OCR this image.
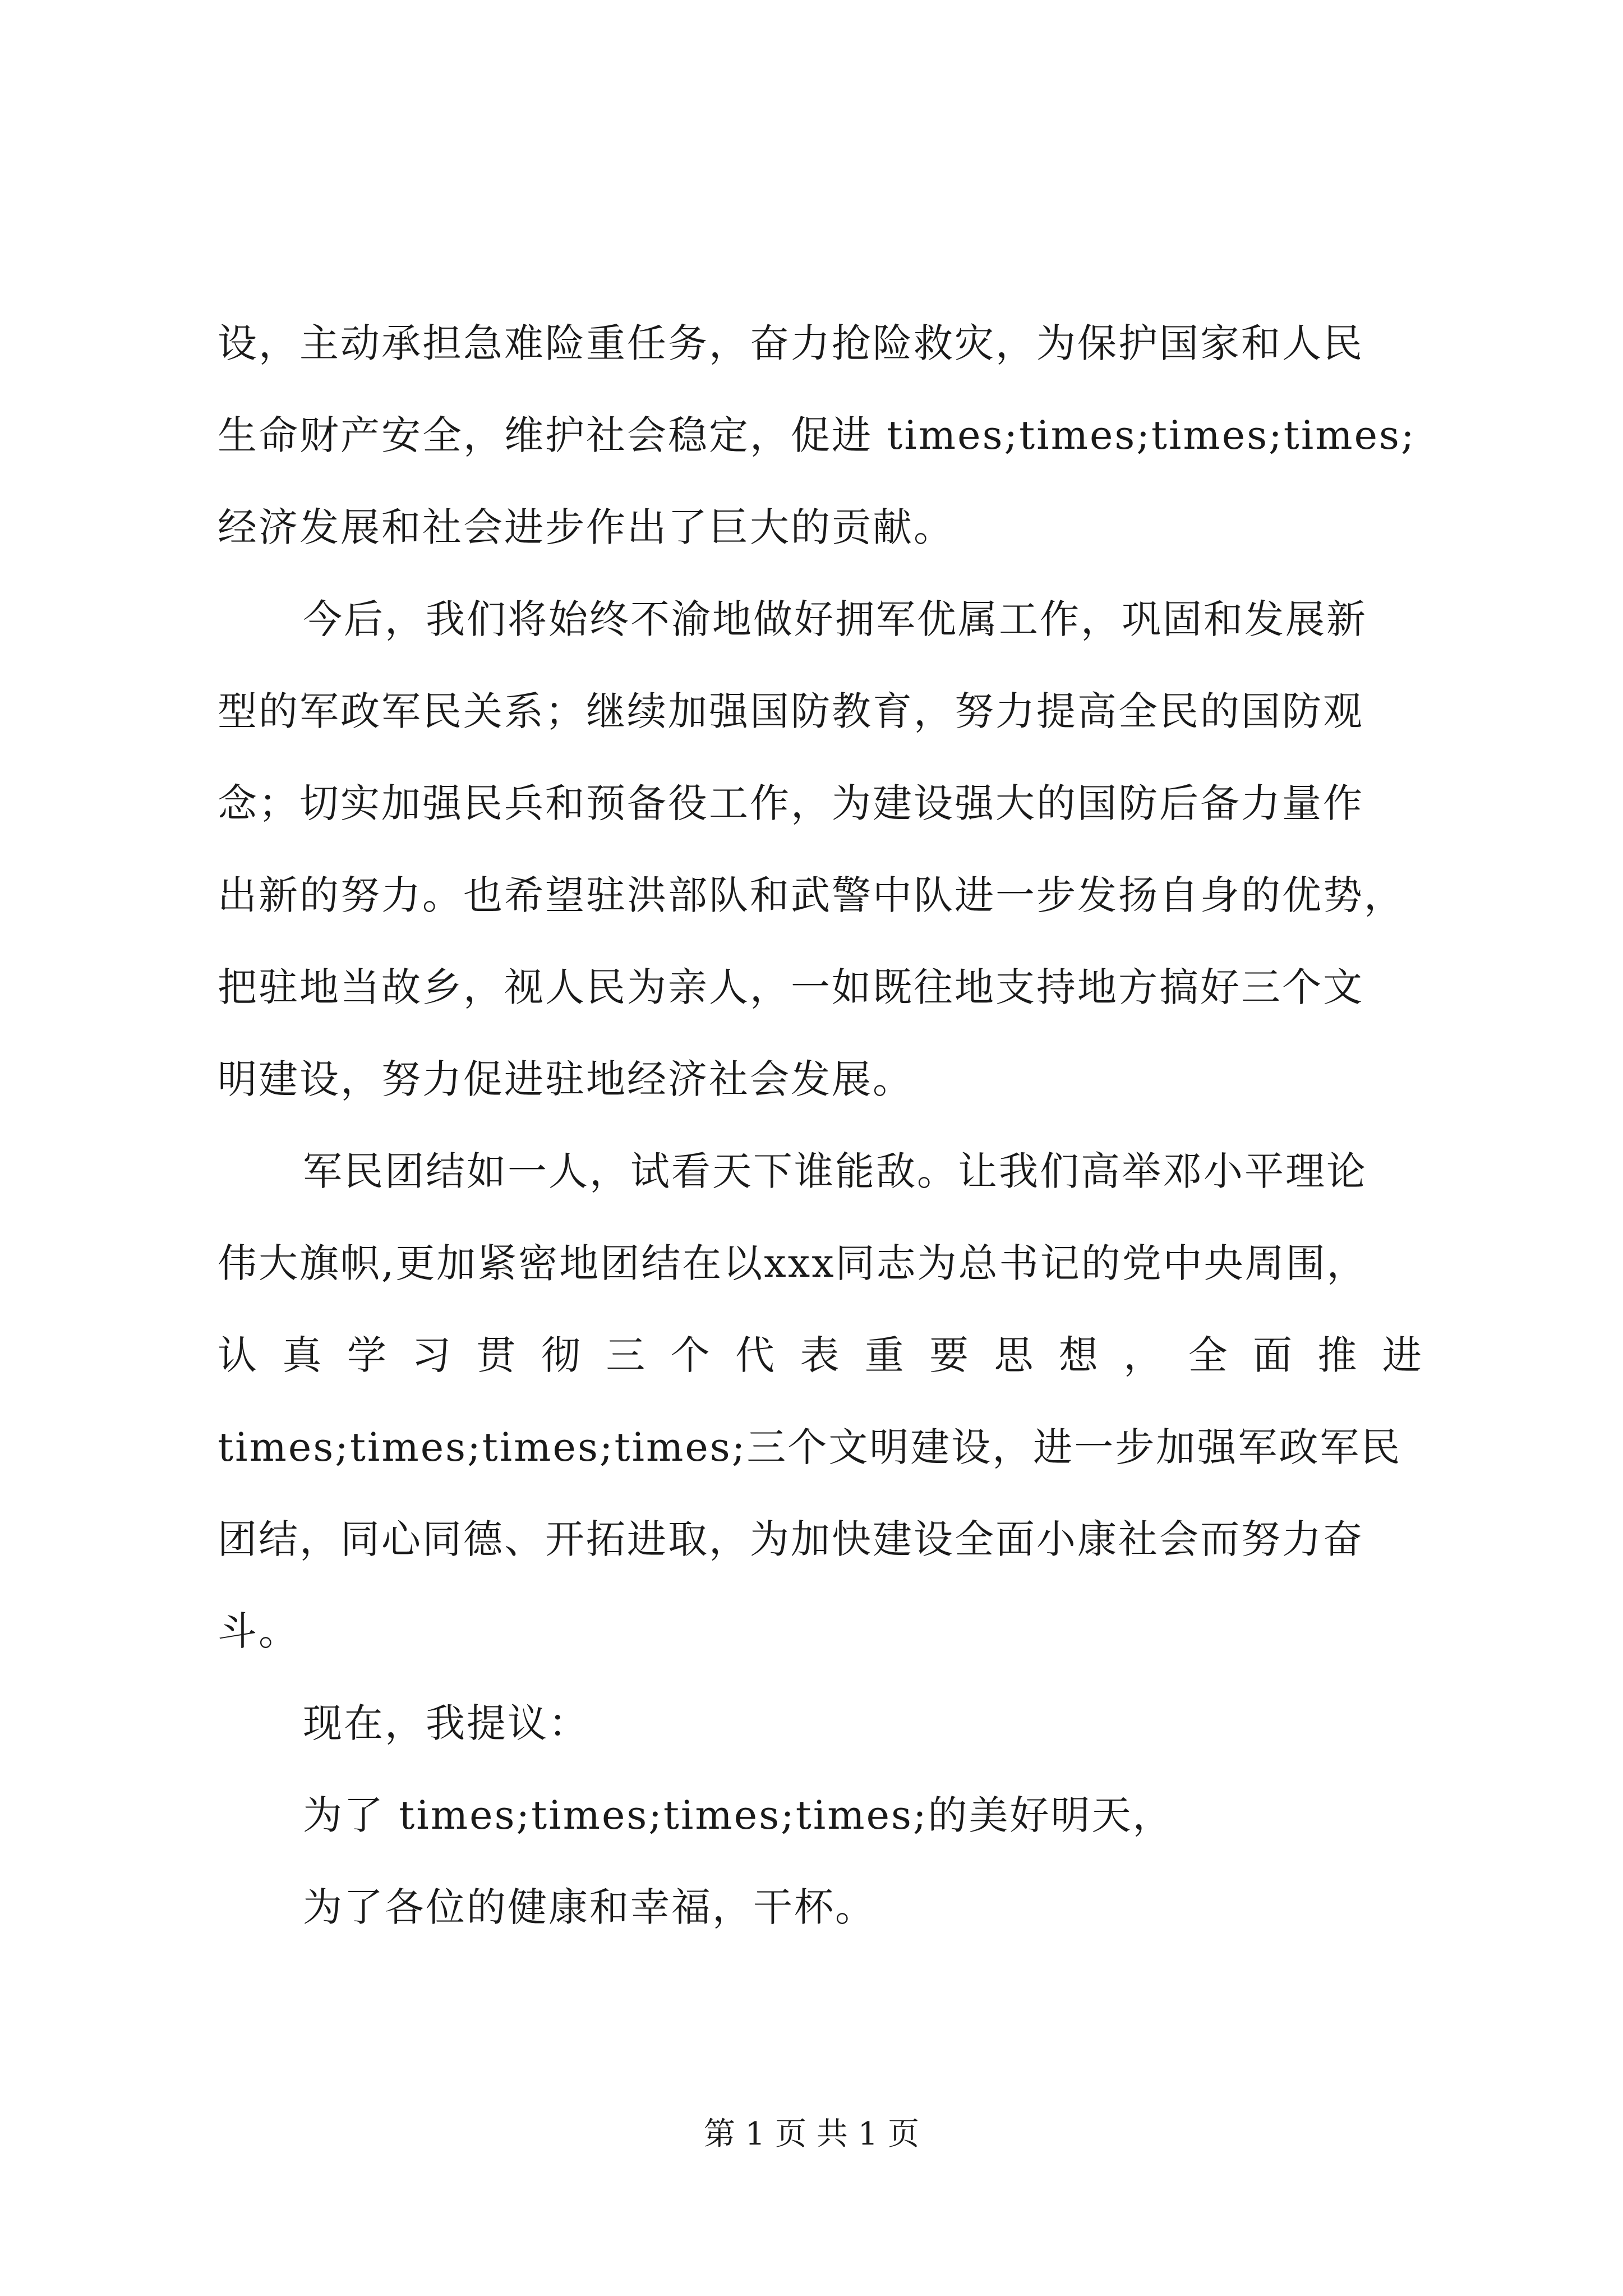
设，主动承担急难险重任务，奋力抢险救灾，为保护国家和人民
生命财产安全，维护社会稳定，促进 times;times;times;times;
经济发展和社会进步作出了巨大的贡献。
今后，我们将始终不渝地做好拥军优属工作，巩固和发展新
型的军政军民关系；继续加强国防教育，努力提高全民的国防观
念；切实加强民兵和预备役工作，为建设强大的国防后备力量作
出新的努力。也希望驻洪部队和武警中队进一步发扬自身的优势，
把驻地当故乡，视人民为亲人，一如既往地支持地方搞好三个文
明建设，努力促进驻地经济社会发展。
军民团结如一人，试看天下谁能敌。让我们高举邓小平理论
伟大旗帜,更加紧密地团结在以xxx同志为总书记的党中央周围，
认 真 学 习 贯 彻 三 个 代 表 重 要 思 想 ， 全 面 推 进
times;times;times;times;三个文明建设，进一步加强军政军民
团结，同心同德、开拓进取，为加快建设全面小康社会而努力奋
斗。
现在，我提议：
为了 times;times;times;times;的美好明天，
为了各位的健康和幸福，干杯。
第 1 页 共 1 页
